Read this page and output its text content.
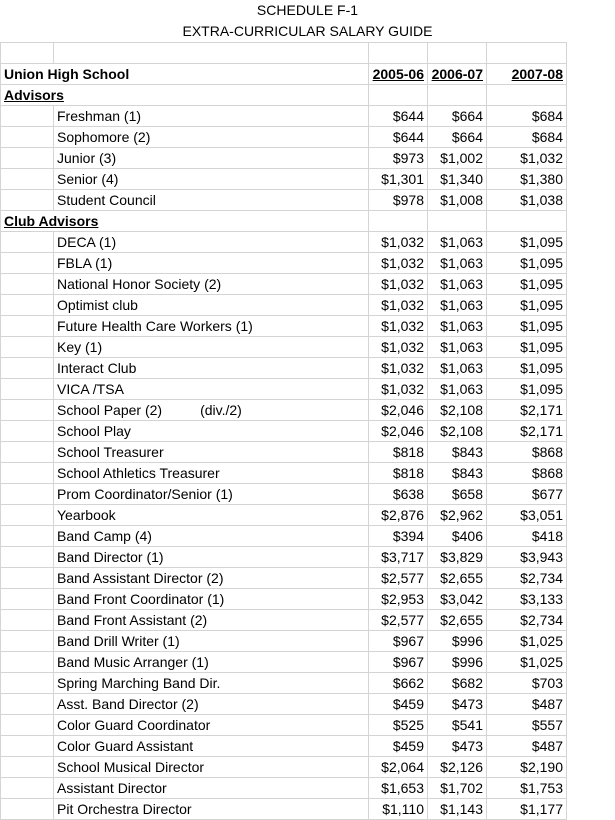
SCHEDULE F-1
EXTRA-CURRICULAR SALARY GUIDE

Union High School		2005-06	2006-07	2007-08
Advisors				
	Freshman (1)	$644	$664	$684
	Sophomore (2)	$644	$664	$684
	Junior (3)	$973	$1,002	$1,032
	Senior (4)	$1,301	$1,340	$1,380
	Student Council	$978	$1,008	$1,038
Club Advisors				
	DECA (1)	$1,032	$1,063	$1,095
	FBLA (1)	$1,032	$1,063	$1,095
	National Honor Society (2)	$1,032	$1,063	$1,095
	Optimist club	$1,032	$1,063	$1,095
	Future Health Care Workers (1)	$1,032	$1,063	$1,095
	Key (1)	$1,032	$1,063	$1,095
	Interact Club	$1,032	$1,063	$1,095
	VICA /TSA	$1,032	$1,063	$1,095
	School Paper (2) (div./2)	$2,046	$2,108	$2,171
	School Play	$2,046	$2,108	$2,171
	School Treasurer	$818	$843	$868
	School Athletics Treasurer	$818	$843	$868
	Prom Coordinator/Senior (1)	$638	$658	$677
	Yearbook	$2,876	$2,962	$3,051
	Band Camp (4)	$394	$406	$418
	Band Director (1)	$3,717	$3,829	$3,943
	Band Assistant Director (2)	$2,577	$2,655	$2,734
	Band Front Coordinator (1)	$2,953	$3,042	$3,133
	Band Front Assistant (2)	$2,577	$2,655	$2,734
	Band Drill Writer (1)	$967	$996	$1,025
	Band Music Arranger (1)	$967	$996	$1,025
	Spring Marching Band Dir.	$662	$682	$703
	Asst. Band Director (2)	$459	$473	$487
	Color Guard Coordinator	$525	$541	$557
	Color Guard Assistant	$459	$473	$487
	School Musical Director	$2,064	$2,126	$2,190
	Assistant Director	$1,653	$1,702	$1,753
	Pit Orchestra Director	$1,110	$1,143	$1,177
